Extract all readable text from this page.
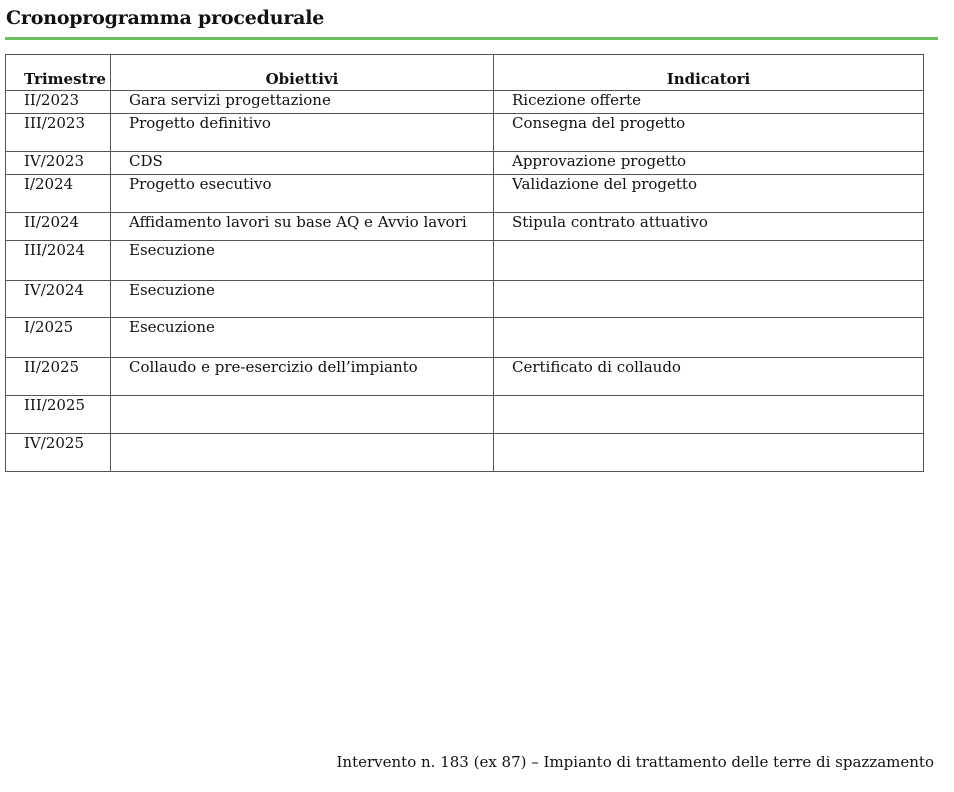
Cronoprogramma procedurale
Trimestre	Obiettivi	Indicatori
II/2023	Gara servizi progettazione	Ricezione offerte
III/2023	Progetto definitivo	Consegna del progetto
IV/2023	CDS	Approvazione progetto
I/2024	Progetto esecutivo	Validazione del progetto
II/2024	Affidamento lavori su base AQ e Avvio lavori	Stipula contrato attuativo
III/2024	Esecuzione	
IV/2024	Esecuzione	
I/2025	Esecuzione	
II/2025	Collaudo e pre-esercizio dell’impianto	Certificato di collaudo
III/2025		
IV/2025		
Intervento n. 183 (ex 87) – Impianto di trattamento delle terre di spazzamento
